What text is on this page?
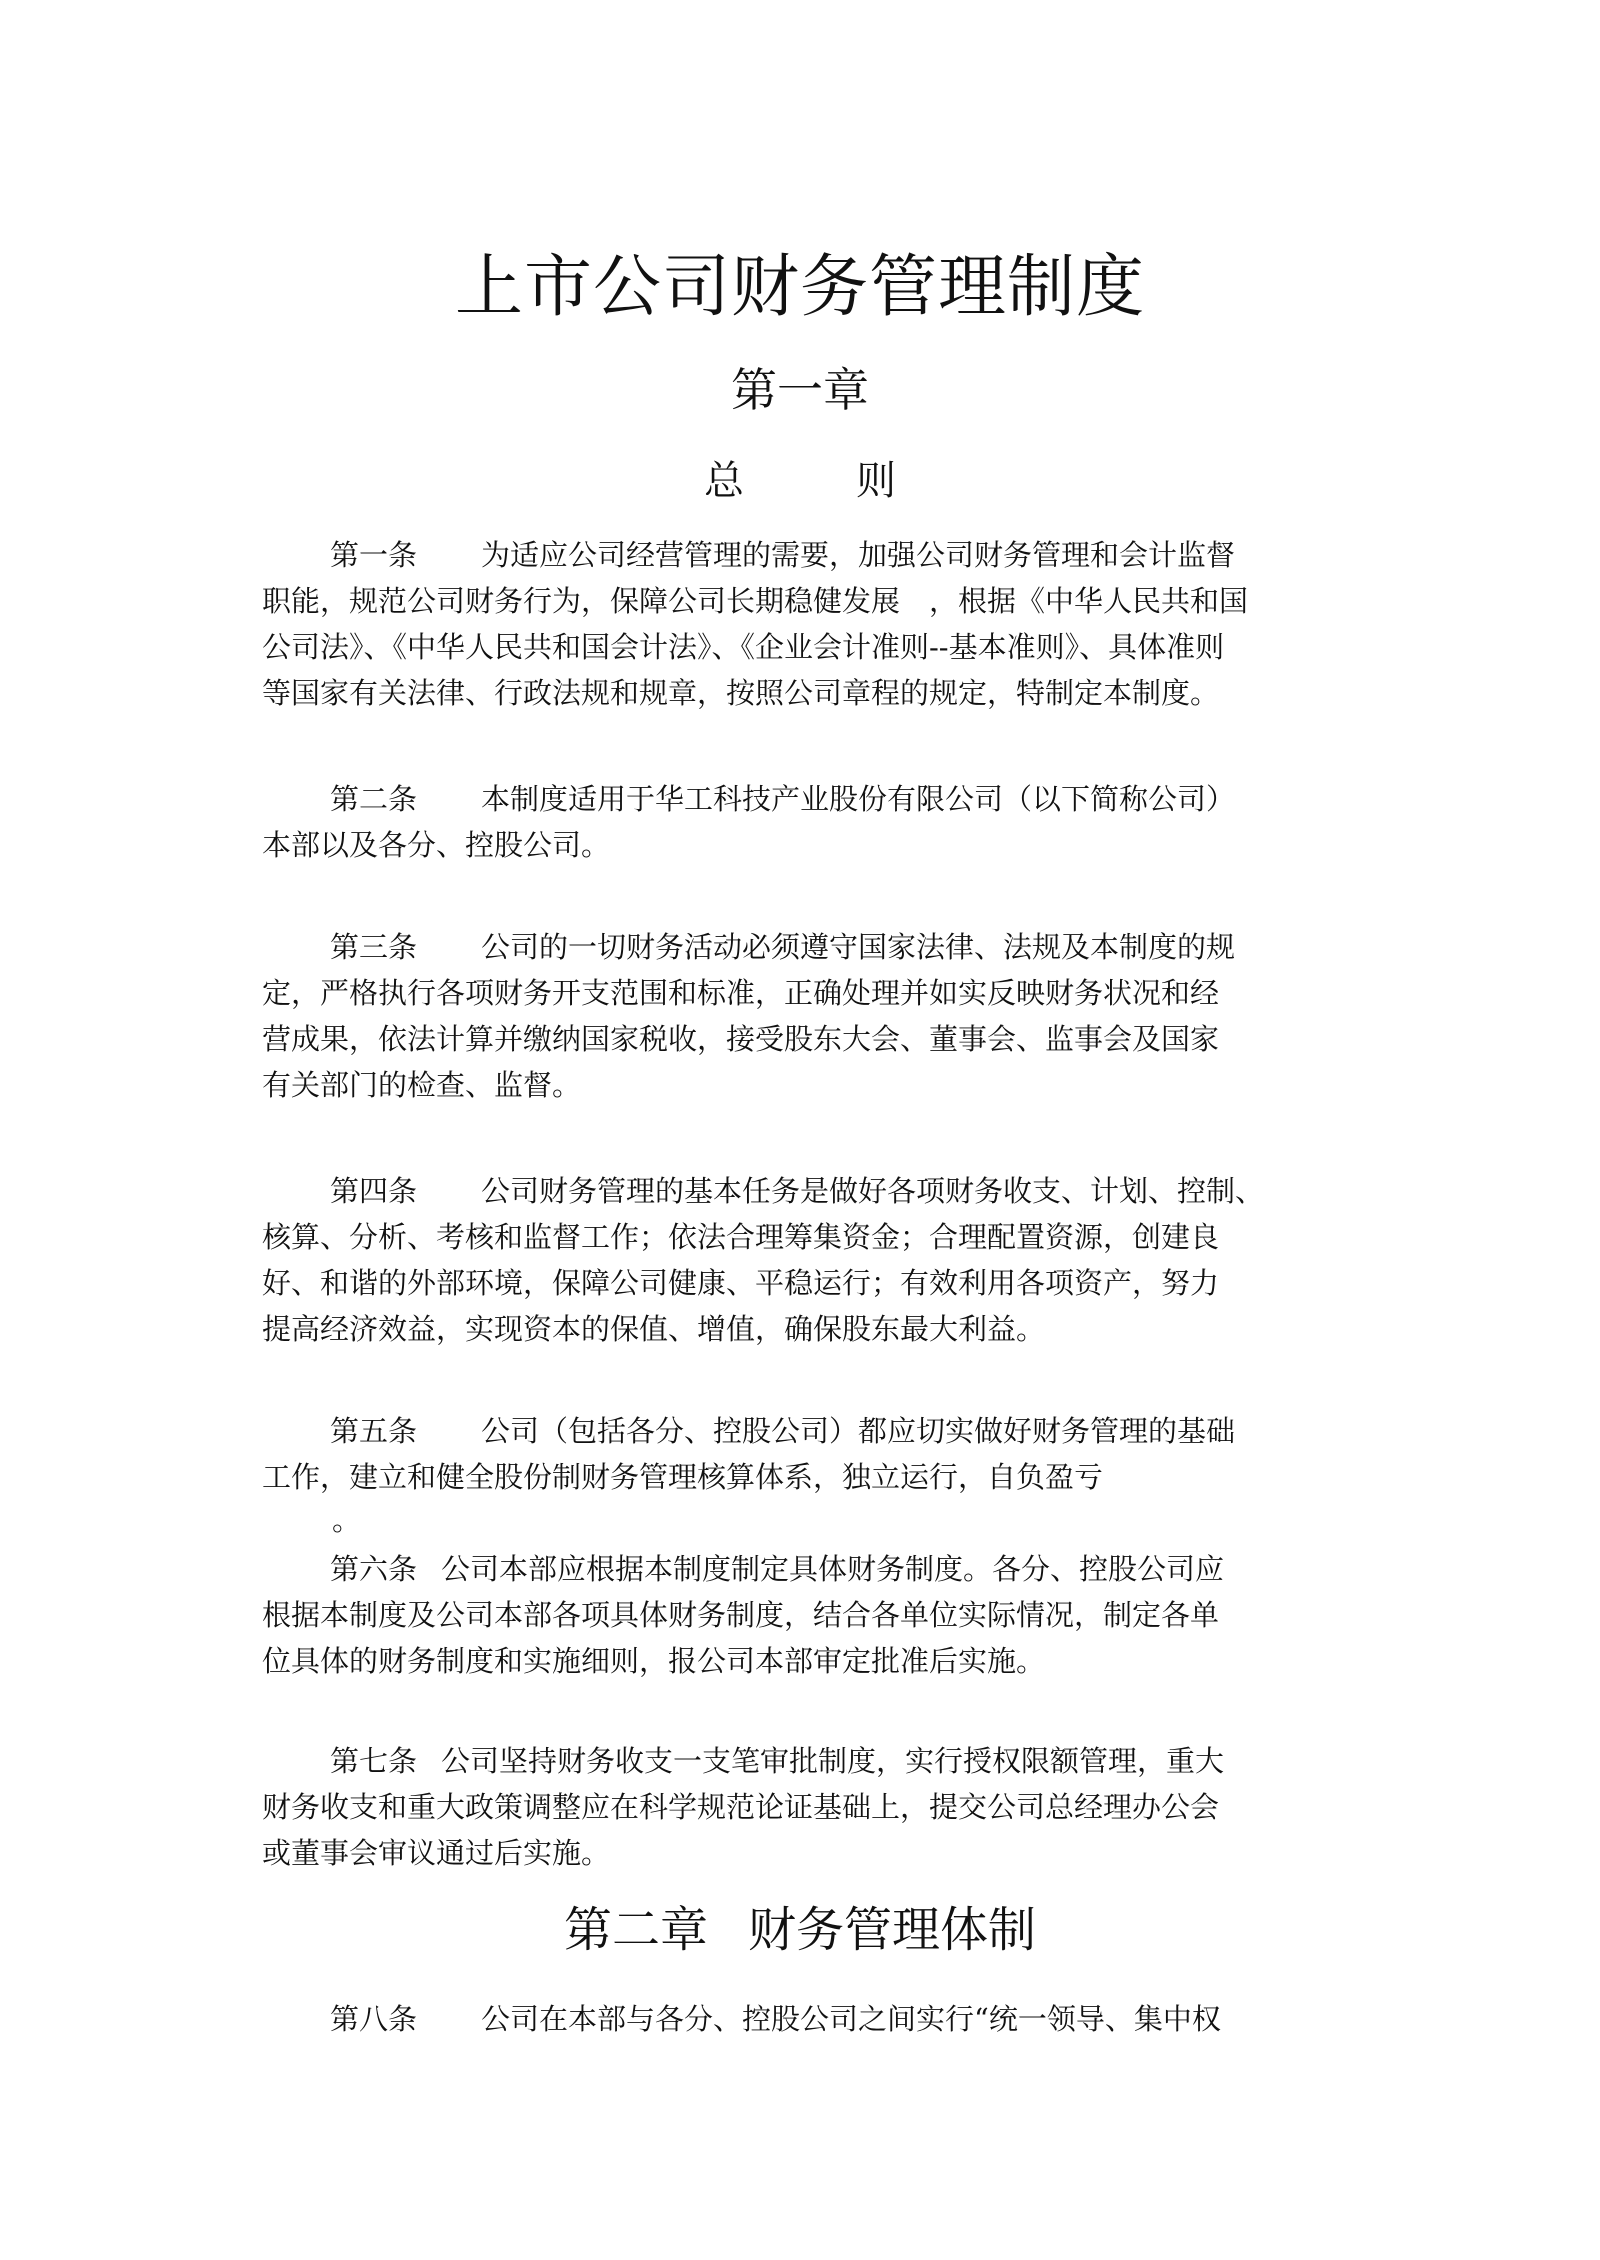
上市公司财务管理制度
第一章
总	则
第一条 为适应公司经营管理的需要，加强公司财务管理和会计监督
职能，规范公司财务行为，保障公司长期稳健发展　，根据《中华人民共和国
公司法》、《中华人民共和国会计法》、《企业会计准则--基本准则》、具体准则
等国家有关法律、行政法规和规章，按照公司章程的规定，特制定本制度。
第二条 本制度适用于华工科技产业股份有限公司（以下简称公司）
本部以及各分、控股公司。
第三条 公司的一切财务活动必须遵守国家法律、法规及本制度的规
定，严格执行各项财务开支范围和标准，正确处理并如实反映财务状况和经
营成果，依法计算并缴纳国家税收，接受股东大会、董事会、监事会及国家
有关部门的检查、监督。
第四条 公司财务管理的基本任务是做好各项财务收支、计划、控制、
核算、分析、考核和监督工作；依法合理筹集资金；合理配置资源，创建良
好、和谐的外部环境，保障公司健康、平稳运行；有效利用各项资产，努力
提高经济效益，实现资本的保值、增值，确保股东最大利益。
第五条 公司（包括各分、控股公司）都应切实做好财务管理的基础
工作，建立和健全股份制财务管理核算体系，独立运行，自负盈亏
。
第六条 公司本部应根据本制度制定具体财务制度。各分、控股公司应
根据本制度及公司本部各项具体财务制度，结合各单位实际情况，制定各单
位具体的财务制度和实施细则，报公司本部审定批准后实施。
第七条 公司坚持财务收支一支笔审批制度，实行授权限额管理，重大
财务收支和重大政策调整应在科学规范论证基础上，提交公司总经理办公会
或董事会审议通过后实施。
第二章 财务管理体制
第八条 公司在本部与各分、控股公司之间实行“统一领导、集中权
